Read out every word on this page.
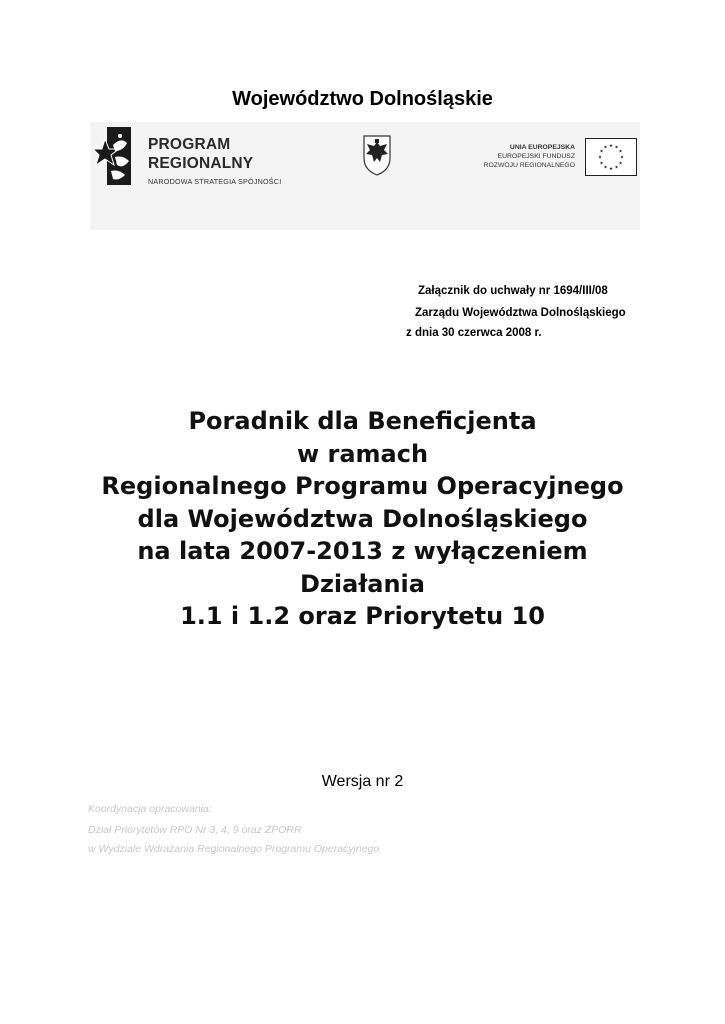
Województwo Dolnośląskie
PROGRAM
REGIONALNY
NARODOWA STRATEGIA SPÓJNOŚCI
UNIA EUROPEJSKA
EUROPEJSKI FUNDUSZ
ROZWOJU REGIONALNEGO
★ ★
★
★
★
★
★
★
★
★
★
★
Załącznik do uchwały nr 1694/III/08
Zarządu Województwa Dolnośląskiego
z dnia 30 czerwca 2008 r.
Poradnik dla Beneficjenta
w ramach
Regionalnego Programu Operacyjnego
dla Województwa Dolnośląskiego
na lata 2007-2013 z wyłączeniem
Działania
1.1 i 1.2 oraz Priorytetu 10
Wersja nr 2
Koordynacja opracowania:
Dział Priorytetów RPO Nr 3, 4, 9 oraz ZPORR
w Wydziale Wdrażania Regionalnego Programu Operacyjnego
